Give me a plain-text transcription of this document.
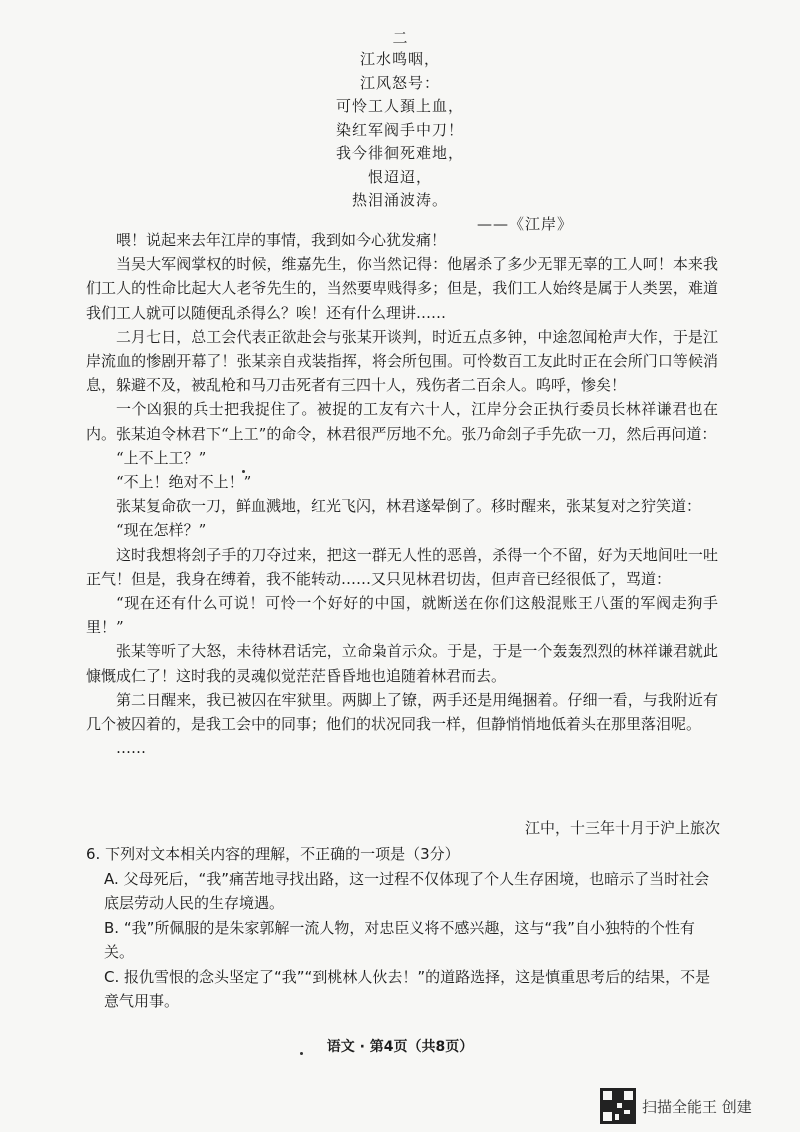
二
江水鸣咽，
江风怒号：
可怜工人頚上血，
染红军阀手中刀！
我今徘徊死难地，
恨迢迢，
热泪涌波涛。
——《江岸》

喂！说起来去年江岸的事情，我到如今心犹发痛！

当吴大军阀掌权的时候，维嘉先生，你当然记得：他屠杀了多少无罪无辜的工人呵！本来我们工人的性命比起大人老爷先生的，当然要卑贱得多；但是，我们工人始终是属于人类罢，难道我们工人就可以随便乱杀得么？唉！还有什么理讲……

二月七日，总工会代表正欲赴会与张某开谈判，时近五点多钟，中途忽闻枪声大作，于是江岸流血的惨剧开幕了！张某亲自戎装指挥，将会所包围。可怜数百工友此时正在会所门口等候消息，躲避不及，被乱枪和马刀击死者有三四十人，残伤者二百余人。呜呼，惨矣！

一个凶狠的兵士把我捉住了。被捉的工友有六十人，江岸分会正执行委员长林祥谦君也在内。张某迫令林君下“上工”的命令，林君很严厉地不允。张乃命刽子手先砍一刀，然后再问道：

“上不上工？”

“不上！绝对不上！”

张某复命砍一刀，鲜血溅地，红光飞闪，林君遂晕倒了。移时醒来，张某复对之狞笑道：

“现在怎样？”

这时我想将刽子手的刀夺过来，把这一群无人性的恶兽，杀得一个不留，好为天地间吐一吐正气！但是，我身在缚着，我不能转动……又只见林君切齿，但声音已经很低了，骂道：

“现在还有什么可说！可怜一个好好的中国，就断送在你们这般混账王八蛋的军阀走狗手里！”

张某等听了大怒，未待林君话完，立命枭首示众。于是，于是一个轰轰烈烈的林祥谦君就此慷慨成仁了！这时我的灵魂似觉茫茫昏昏地也追随着林君而去。

第二日醒来，我已被囚在牢狱里。两脚上了镣，两手还是用绳捆着。仔细一看，与我附近有几个被囚着的，是我工会中的同事；他们的状况同我一样，但静悄悄地低着头在那里落泪呢。

……

江中，十三年十月于沪上旅次

6. 下列对文本相关内容的理解，不正确的一项是（3分）

A. 父母死后，“我”痛苦地寻找出路，这一过程不仅体现了个人生存困境，也暗示了当时社会底层劳动人民的生存境遇。

B. “我”所佩服的是朱家郭解一流人物，对忠臣义将不感兴趣，这与“我”自小独特的个性有关。

C. 报仇雪恨的念头坚定了“我”“到桃林人伙去！”的道路选择，这是慎重思考后的结果，不是意气用事。

语文 · 第4页（共8页）
扫描全能王 创建
